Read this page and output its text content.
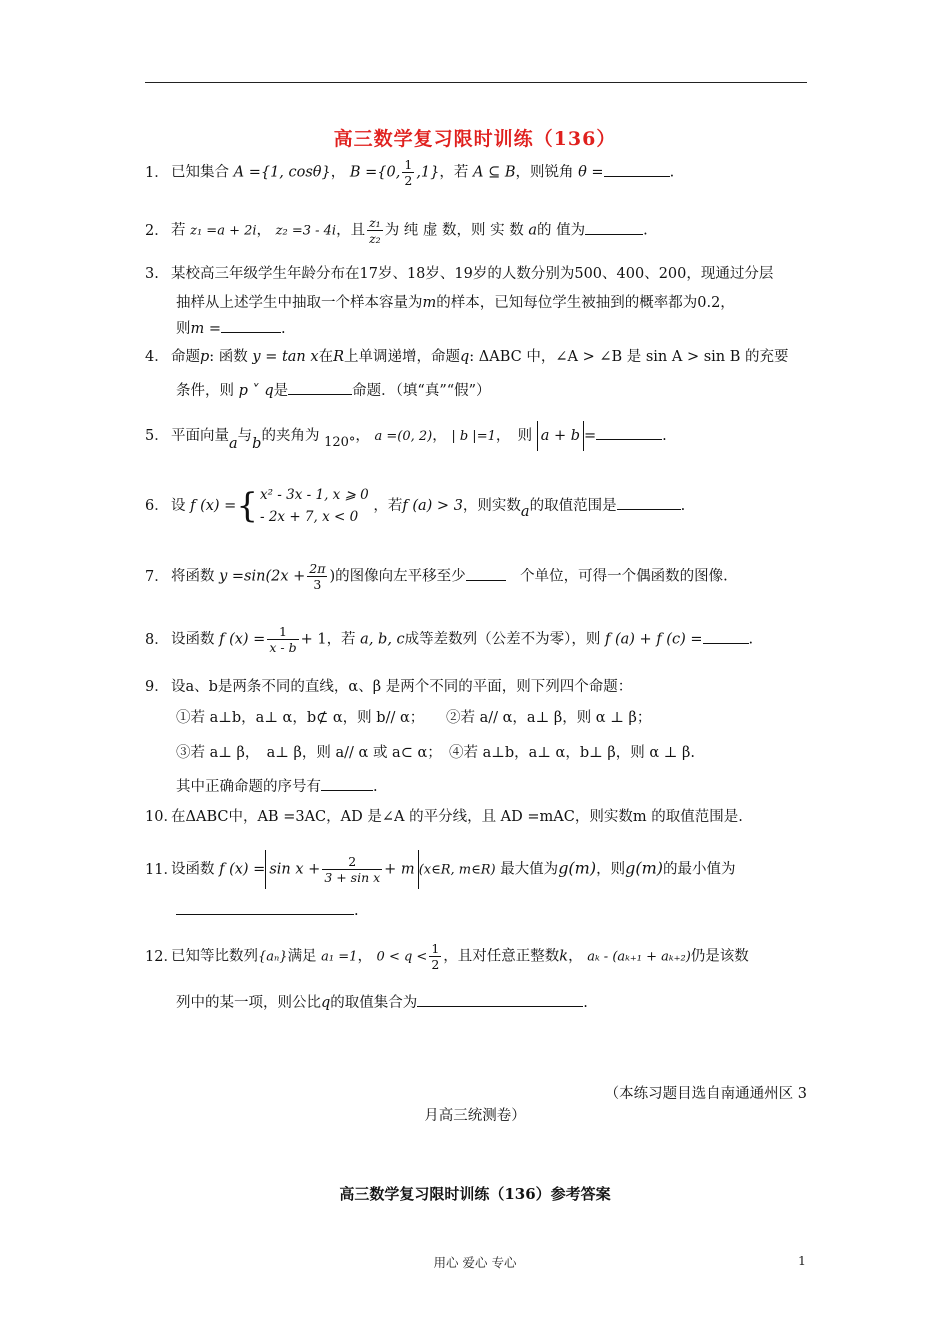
高三数学复习限时训练（136）
1． 已知集合 A ={1, cosθ}， B ={0, $\frac{1}{2} ,1$}，若 A ⊆ B，则锐角 θ =	.
2． 若 z₁ =a + 2i， z₂ =3 - 4i，且 $\frac{\text{z₁}}{\text{z₂}}$ 为 纯 虚 数，则 实 数 a的 值为	.
3. 某校高三年级学生年龄分布在17岁、18岁、19岁的人数分别为500、400、200，现通过分层
抽样从上述学生中抽取一个样本容量为m的样本，已知每位学生被抽到的概率都为0.2，
则m =	.
4． 命题p: 函数 y = tan x在R上单调递增，命题q: ΔABC 中，∠A > ∠B 是 sin A > sin B 的充要
条件，则 p ˅ q是	命题．（填“真”“假”）
5． 平面向量a与b的夹角为 120°， a =(0, 2)， | b |=1，　则 a + b =	.
6． 设 f (x) ={ x² - 3x - 1, x ⩾ 0
- 2x + 7, x < 0
，若f (a) > 3，则实数a的取值范围是	.
7． 将函数 $y =\sin(2x + \frac{2\pi}{3}$ )的图像向左平移至少　	个单位，可得一个偶函数的图像.
8． 设函数 f $(x) = \frac{1}{x - b} + 1$，若 a, b, c成等差数列（公差不为零），则 f (a) + f (c) =	.
9． 设a、b是两条不同的直线，α、β 是两个不同的平面，则下列四个命题：
①若 a⊥b，a⊥ α，b⊄ α，则 b// α；　　②若 a// α，a⊥ β，则 α ⊥ β；
③若 a⊥ β，　a⊥ β，则 a// α 或 a⊂ α；　④若 a⊥b，a⊥ α，b⊥ β，则 α ⊥ β.
其中正确命题的序号有	.
10．在ΔABC中，AB =3AC，AD 是∠A 的平分线，且 AD =mAC，则实数m 的取值范围是.
11．设函数 f $(x) = \sin x + \frac{2}{\text{3 + sin x}} + m$ (x∈R, m∈R) 最大值为g(m)，则g(m)的最小值为
.
12．已知等比数列{aₙ}满足 a₁ =1， $0 < q < \frac{1}{2}$ ，且对任意正整数k， aₖ - (aₖ₊₁ + aₖ₊₂)仍是该数
列中的某一项，则公比q的取值集合为	.
（本练习题目选自南通通州区 3
月高三统测卷）
高三数学复习限时训练（136）参考答案
用心 爱心 专心	1
